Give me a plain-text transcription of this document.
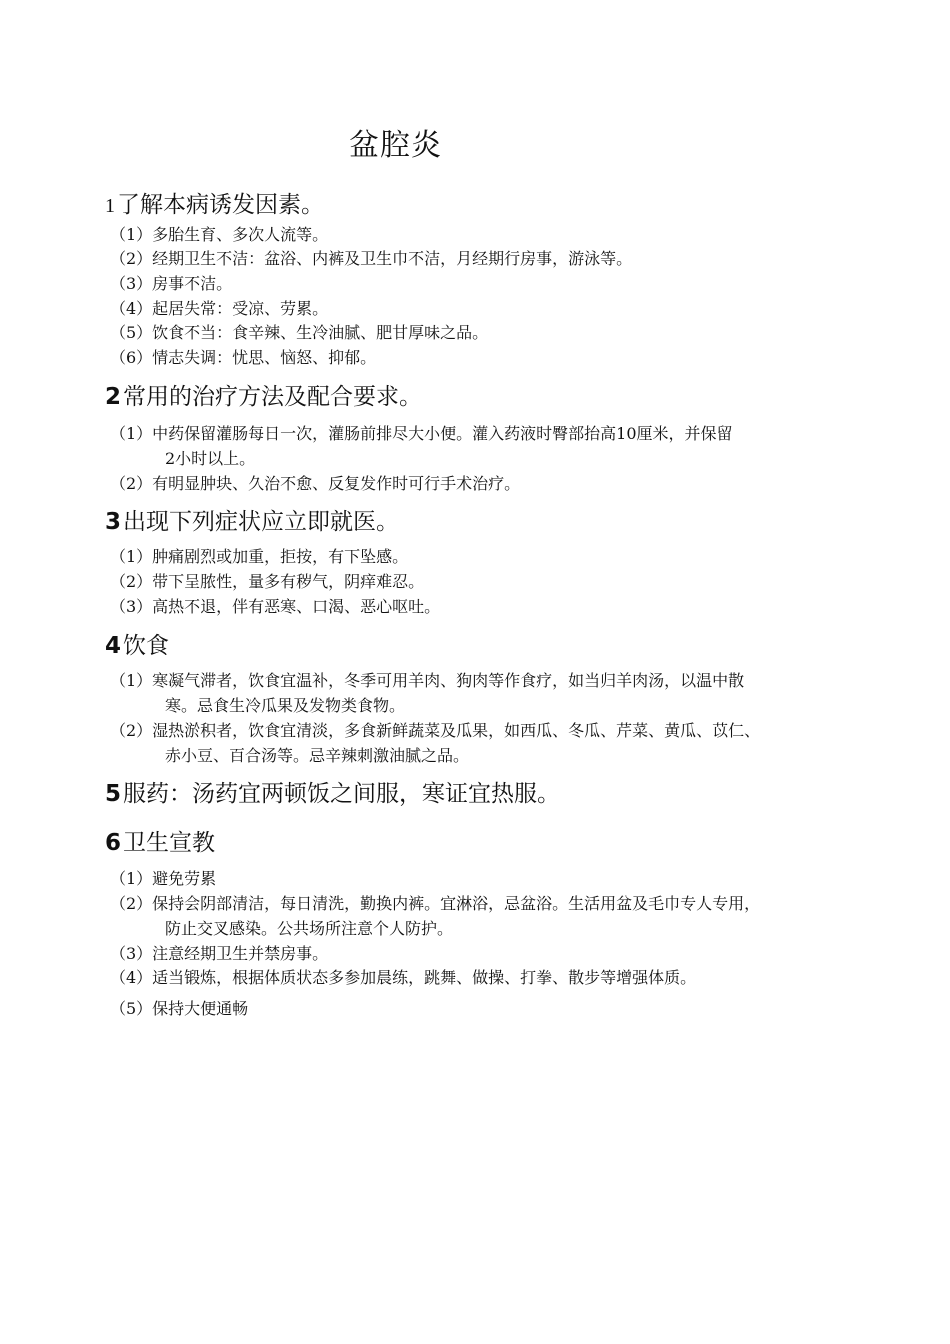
盆腔炎
1了解本病诱发因素。
（1）多胎生育、多次人流等。
（2）经期卫生不洁：盆浴、内裤及卫生巾不洁，月经期行房事，游泳等。
（3）房事不洁。
（4）起居失常：受凉、劳累。
（5）饮食不当：食辛辣、生冷油腻、肥甘厚味之品。
（6）情志失调：忧思、恼怒、抑郁。
2常用的治疗方法及配合要求。
（1）中药保留灌肠每日一次，灌肠前排尽大小便。灌入药液时臀部抬高10厘米，并保留
2小时以上。
（2）有明显肿块、久治不愈、反复发作时可行手术治疗。
3出现下列症状应立即就医。
（1）肿痛剧烈或加重，拒按，有下坠感。
（2）带下呈脓性，量多有秽气，阴痒难忍。
（3）高热不退，伴有恶寒、口渴、恶心呕吐。
4饮食
（1）寒凝气滞者，饮食宜温补，冬季可用羊肉、狗肉等作食疗，如当归羊肉汤，以温中散
寒。忌食生冷瓜果及发物类食物。
（2）湿热淤积者，饮食宜清淡，多食新鲜蔬菜及瓜果，如西瓜、冬瓜、芹菜、黄瓜、苡仁、
赤小豆、百合汤等。忌辛辣刺激油腻之品。
5服药：汤药宜两顿饭之间服，寒证宜热服。
6卫生宣教
（1）避免劳累
（2）保持会阴部清洁，每日清洗，勤换内裤。宜淋浴，忌盆浴。生活用盆及毛巾专人专用，
防止交叉感染。公共场所注意个人防护。
（3）注意经期卫生并禁房事。
（4）适当锻炼，根据体质状态多参加晨练，跳舞、做操、打拳、散步等增强体质。
（5）保持大便通畅
